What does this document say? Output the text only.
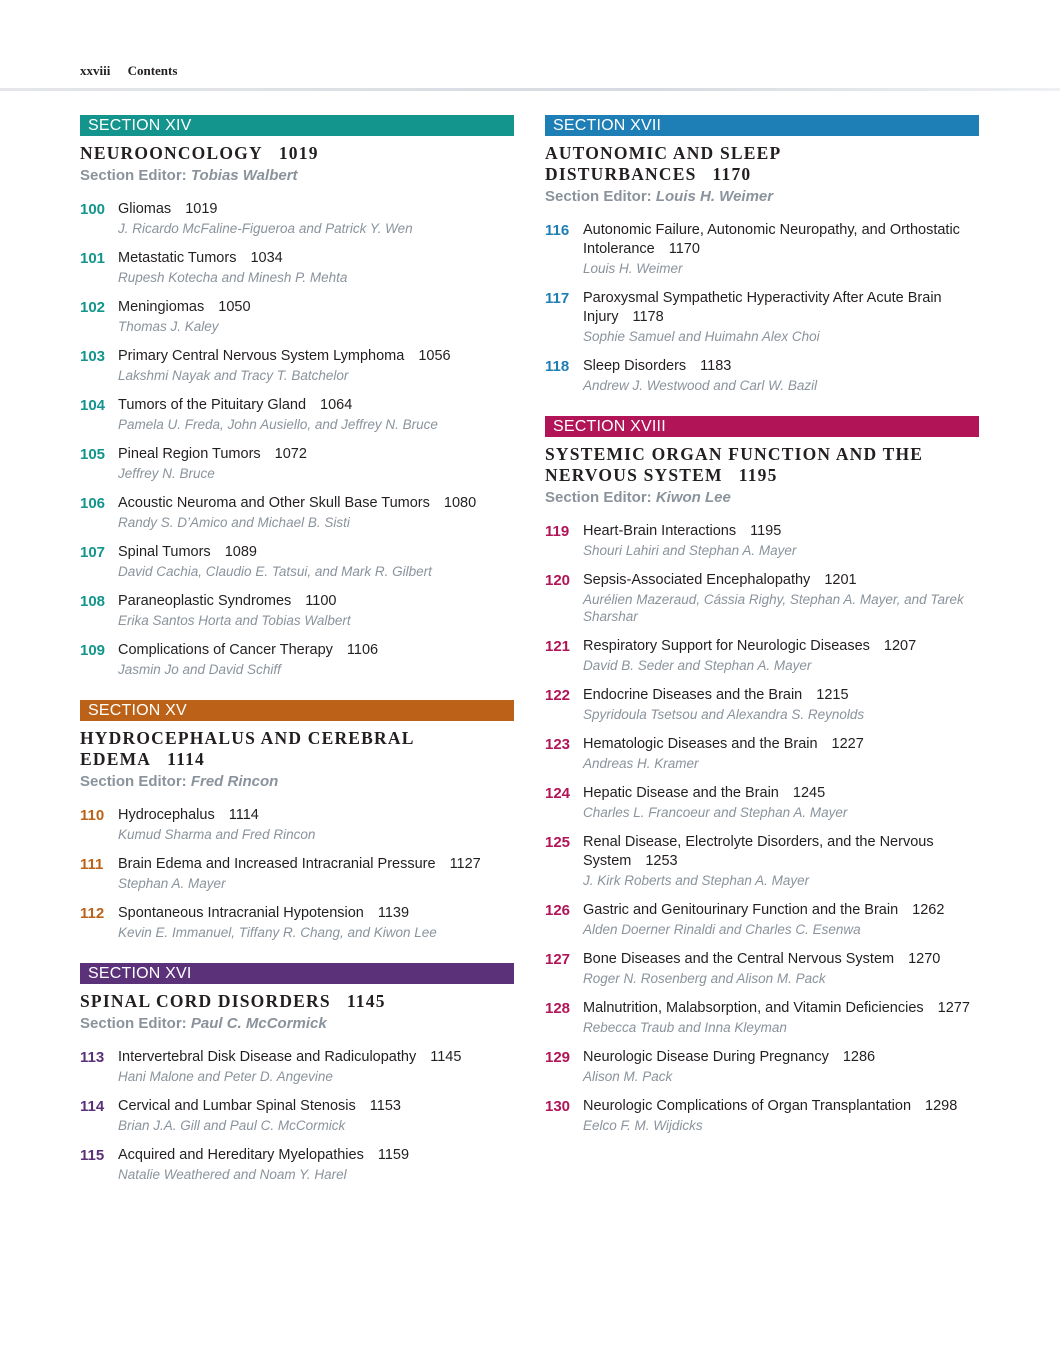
xxviii Contents
SECTION XIV
NEUROONCOLOGY 1019
Section Editor: Tobias Walbert
100 Gliomas 1019
J. Ricardo McFaline-Figueroa and Patrick Y. Wen
101 Metastatic Tumors 1034
Rupesh Kotecha and Minesh P. Mehta
102 Meningiomas 1050
Thomas J. Kaley
103 Primary Central Nervous System Lymphoma 1056
Lakshmi Nayak and Tracy T. Batchelor
104 Tumors of the Pituitary Gland 1064
Pamela U. Freda, John Ausiello, and Jeffrey N. Bruce
105 Pineal Region Tumors 1072
Jeffrey N. Bruce
106 Acoustic Neuroma and Other Skull Base Tumors 1080
Randy S. D’Amico and Michael B. Sisti
107 Spinal Tumors 1089
David Cachia, Claudio E. Tatsui, and Mark R. Gilbert
108 Paraneoplastic Syndromes 1100
Erika Santos Horta and Tobias Walbert
109 Complications of Cancer Therapy 1106
Jasmin Jo and David Schiff
SECTION XV
HYDROCEPHALUS AND CEREBRAL EDEMA 1114
Section Editor: Fred Rincon
110 Hydrocephalus 1114
Kumud Sharma and Fred Rincon
111	Brain Edema and Increased Intracranial Pressure 1127
Stephan A. Mayer
112 Spontaneous Intracranial Hypotension 1139
Kevin E. Immanuel, Tiffany R. Chang, and Kiwon Lee
SECTION XVI
SPINAL CORD DISORDERS 1145
Section Editor: Paul C. McCormick
113 Intervertebral Disk Disease and Radiculopathy 1145
Hani Malone and Peter D. Angevine
114 Cervical and Lumbar Spinal Stenosis 1153
Brian J.A. Gill and Paul C. McCormick
115 Acquired and Hereditary Myelopathies 1159
Natalie Weathered and Noam Y. Harel
SECTION XVII
AUTONOMIC AND SLEEP DISTURBANCES 1170
Section Editor: Louis H. Weimer
116 Autonomic Failure, Autonomic Neuropathy, and Orthostatic Intolerance 1170
Louis H. Weimer
117 Paroxysmal Sympathetic Hyperactivity After Acute Brain Injury 1178
Sophie Samuel and Huimahn Alex Choi
118 Sleep Disorders 1183
Andrew J. Westwood and Carl W. Bazil
SECTION XVIII
SYSTEMIC ORGAN FUNCTION AND THE NERVOUS SYSTEM 1195
Section Editor: Kiwon Lee
119 Heart-Brain Interactions 1195
Shouri Lahiri and Stephan A. Mayer
120 Sepsis-Associated Encephalopathy 1201
Aurélien Mazeraud, Cássia Righy, Stephan A. Mayer, and Tarek Sharshar
121 Respiratory Support for Neurologic Diseases 1207
David B. Seder and Stephan A. Mayer
122 Endocrine Diseases and the Brain 1215
Spyridoula Tsetsou and Alexandra S. Reynolds
123 Hematologic Diseases and the Brain 1227
Andreas H. Kramer
124 Hepatic Disease and the Brain 1245
Charles L. Francoeur and Stephan A. Mayer
125 Renal Disease, Electrolyte Disorders, and the Nervous System 1253
J. Kirk Roberts and Stephan A. Mayer
126 Gastric and Genitourinary Function and the Brain 1262
Alden Doerner Rinaldi and Charles C. Esenwa
127 Bone Diseases and the Central Nervous System 1270
Roger N. Rosenberg and Alison M. Pack
128 Malnutrition, Malabsorption, and Vitamin Deficiencies 1277
Rebecca Traub and Inna Kleyman
129 Neurologic Disease During Pregnancy 1286
Alison M. Pack
130 Neurologic Complications of Organ Transplantation 1298
Eelco F. M. Wijdicks
